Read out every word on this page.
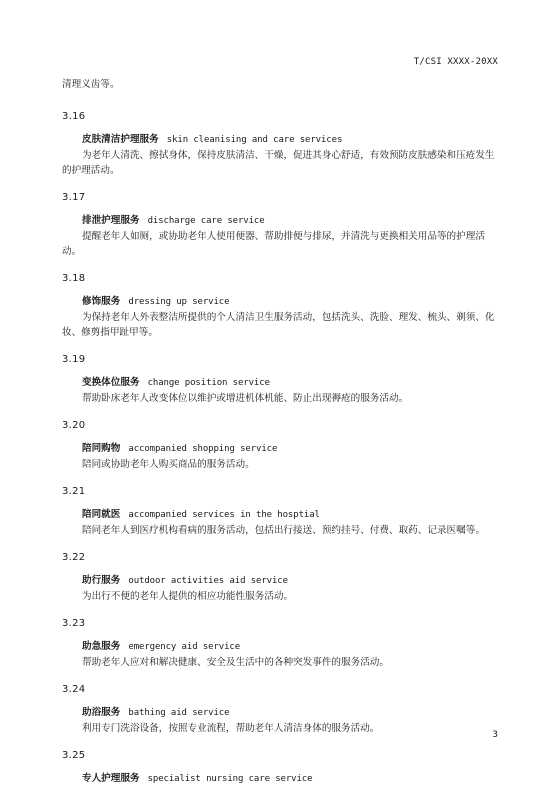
T/CSI XXXX-20XX

清理义齿等。

3.16
皮肤清洁护理服务 skin cleanising and care services

为老年人清洗、擦拭身体，保持皮肤清洁、干燥，促进其身心舒适，有效预防皮肤感染和压疮发生的护理活动。

3.17
排泄护理服务 discharge care service

提醒老年人如厕，或协助老年人使用便器、帮助排便与排尿，并清洗与更换相关用品等的护理活动。

3.18
修饰服务 dressing up service

为保持老年人外表整洁所提供的个人清洁卫生服务活动，包括洗头、洗脸、理发、梳头、剃须、化妆、修剪指甲趾甲等。

3.19
变换体位服务 change position service

帮助卧床老年人改变体位以维护或增进机体机能、防止出现褥疮的服务活动。

3.20
陪同购物 accompanied shopping service

陪同或协助老年人购买商品的服务活动。

3.21
陪同就医 accompanied services in the hosptial

陪同老年人到医疗机构看病的服务活动，包括出行接送、预约挂号、付费、取药、记录医嘱等。

3.22
助行服务 outdoor activities aid service

为出行不便的老年人提供的相应功能性服务活动。

3.23
助急服务 emergency aid service

帮助老年人应对和解决健康、安全及生活中的各种突发事件的服务活动。

3.24
助浴服务 bathing aid service

利用专门洗浴设备，按照专业流程，帮助老年人清洁身体的服务活动。

3.25
专人护理服务 specialist nursing care service
3
